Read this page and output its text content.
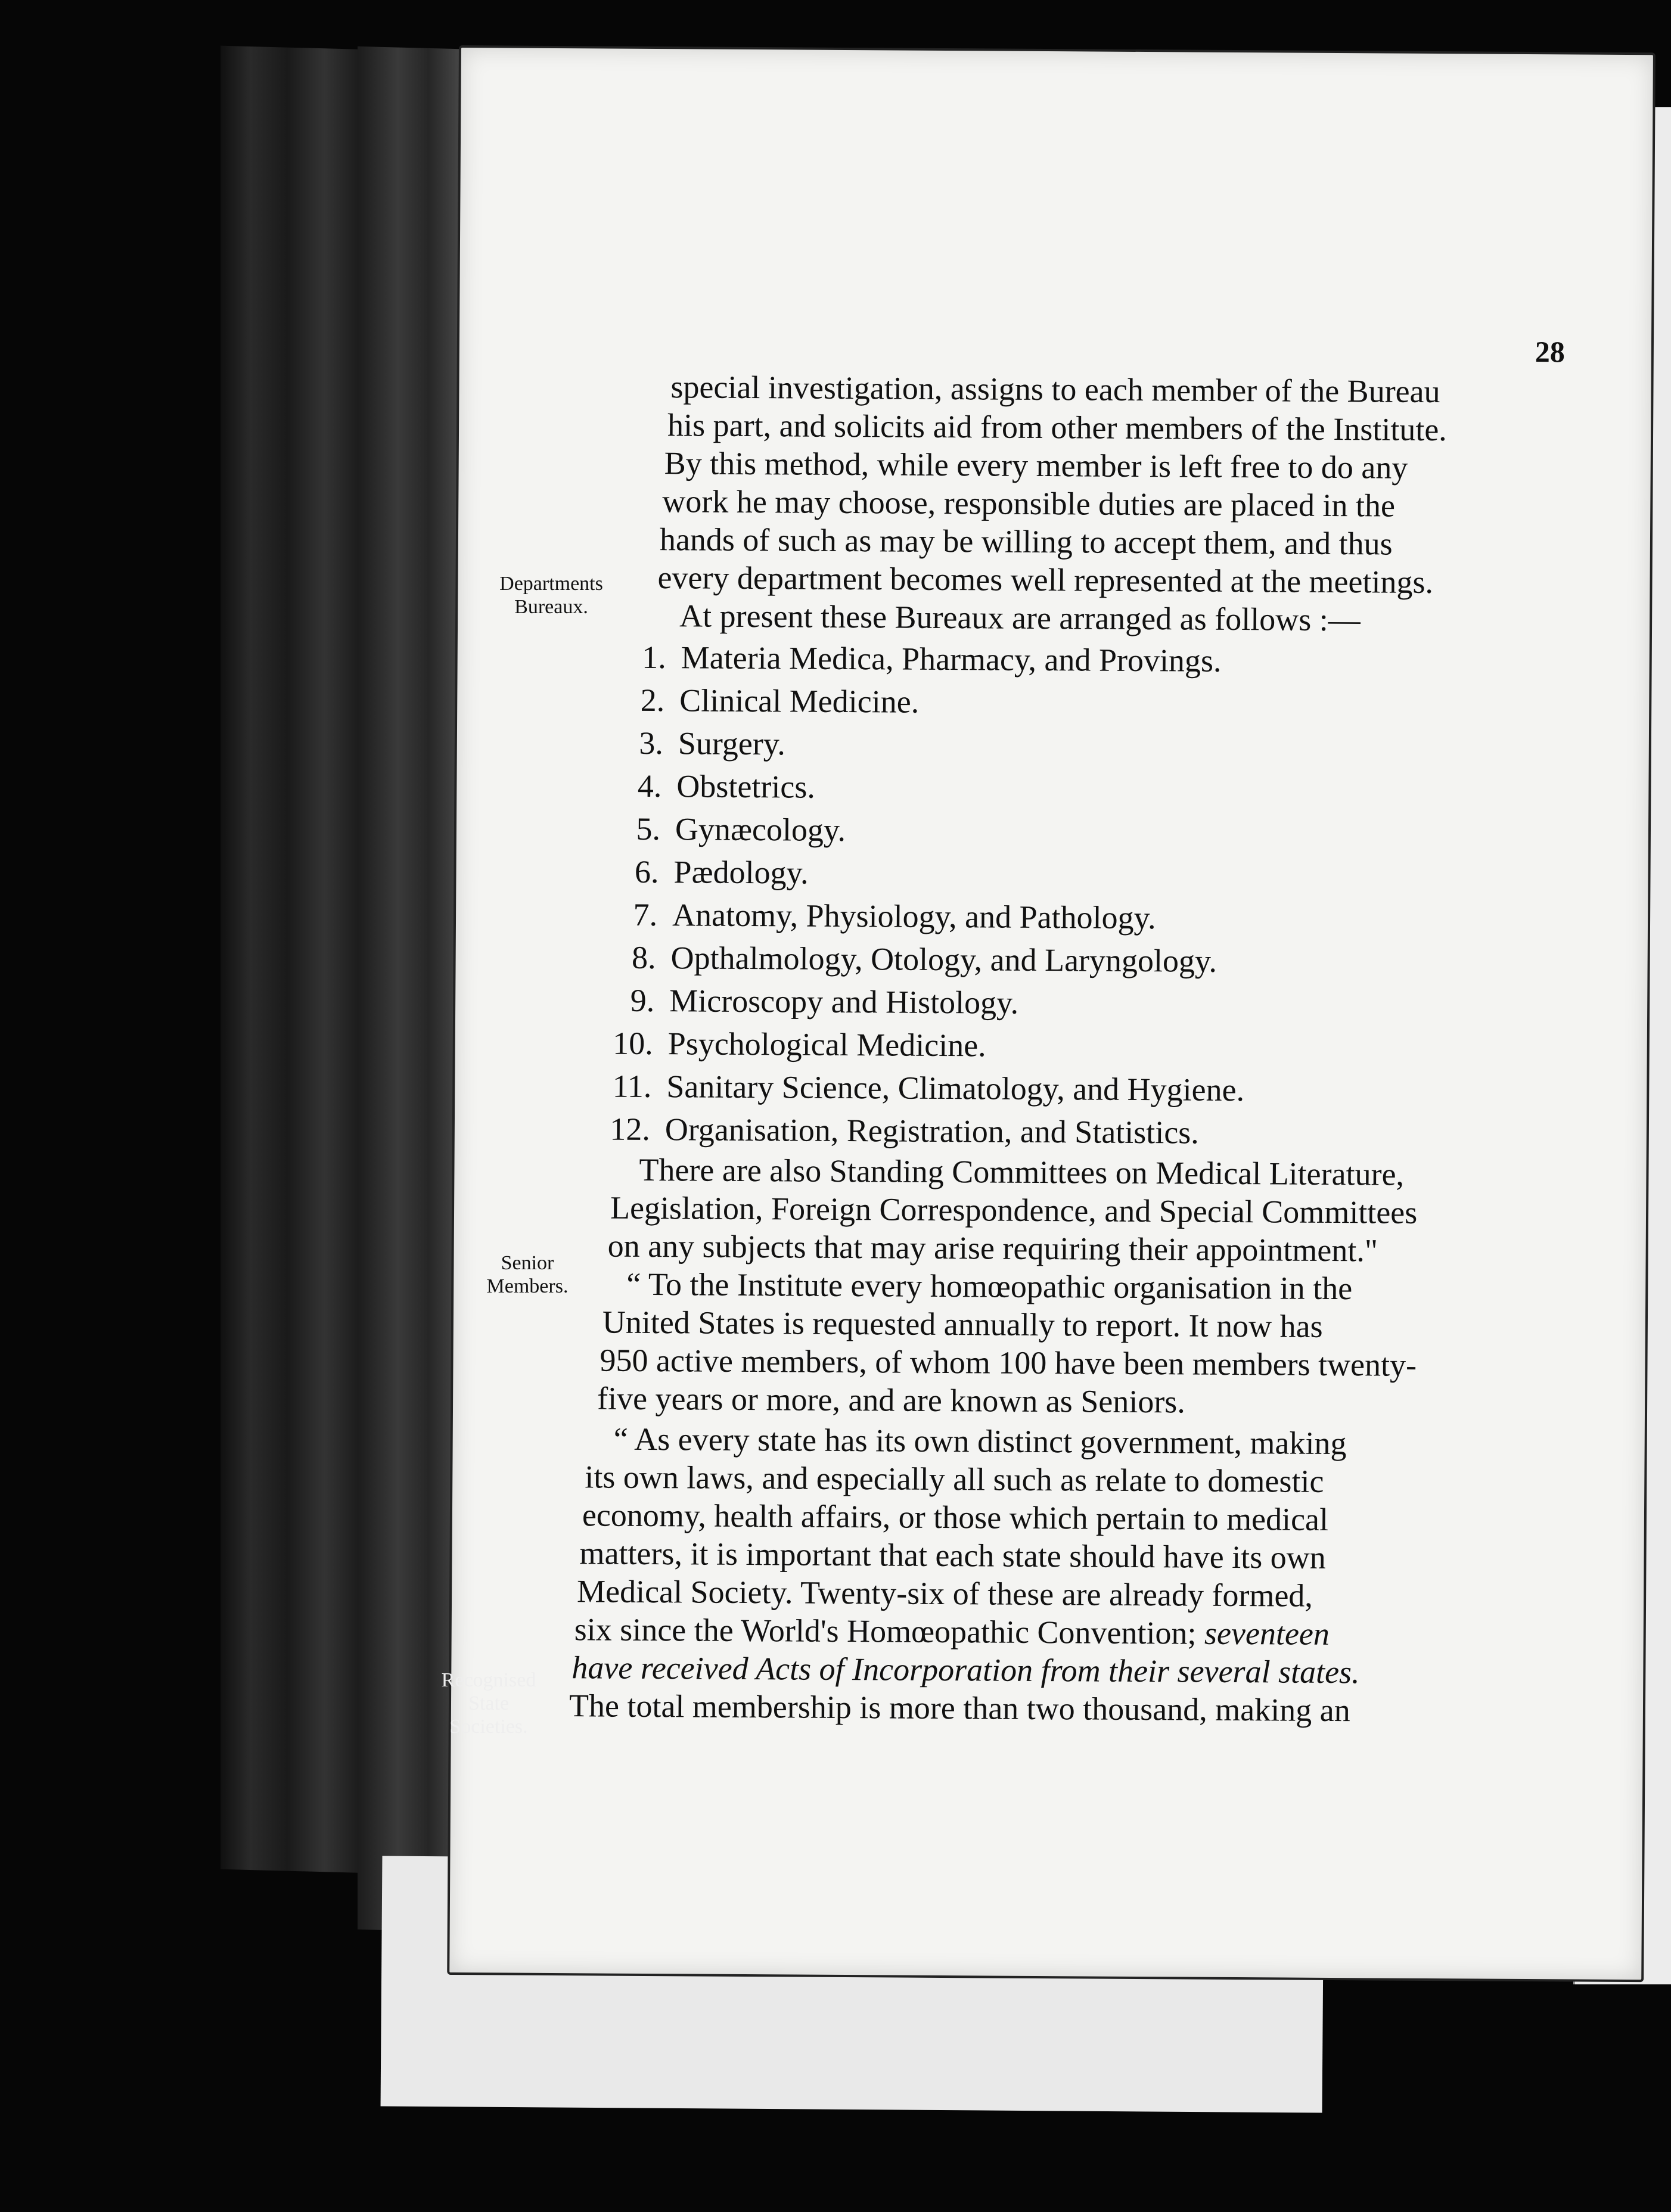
28
special investigation, assigns to each member of the Bureau
his part, and solicits aid from other members of the Institute.
By this method, while every member is left free to do any
work he may choose, responsible duties are placed in the
hands of such as may be willing to accept them, and thus
every department becomes well represented at the meetings.
At present these Bureaux are arranged as follows :—
1. Materia Medica, Pharmacy, and Provings.
2. Clinical Medicine.
3. Surgery.
4. Obstetrics.
5. Gynæcology.
6. Pædology.
7. Anatomy, Physiology, and Pathology.
8. Opthalmology, Otology, and Laryngology.
9. Microscopy and Histology.
10. Psychological Medicine.
11. Sanitary Science, Climatology, and Hygiene.
12. Organisation, Registration, and Statistics.
There are also Standing Committees on Medical Literature,
Legislation, Foreign Correspondence, and Special Committees
on any subjects that may arise requiring their appointment."
“ To the Institute every homœopathic organisation in the
United States is requested annually to report. It now has
950 active members, of whom 100 have been members twenty-
five years or more, and are known as Seniors.
“ As every state has its own distinct government, making
its own laws, and especially all such as relate to domestic
economy, health affairs, or those which pertain to medical
matters, it is important that each state should have its own
Medical Society. Twenty-six of these are already formed,
six since the World's Homœopathic Convention; seventeen
have received Acts of Incorporation from their several states.
The total membership is more than two thousand, making an
Departments
Bureaux.
Senior
Members.
Recognised
State
Societies.
